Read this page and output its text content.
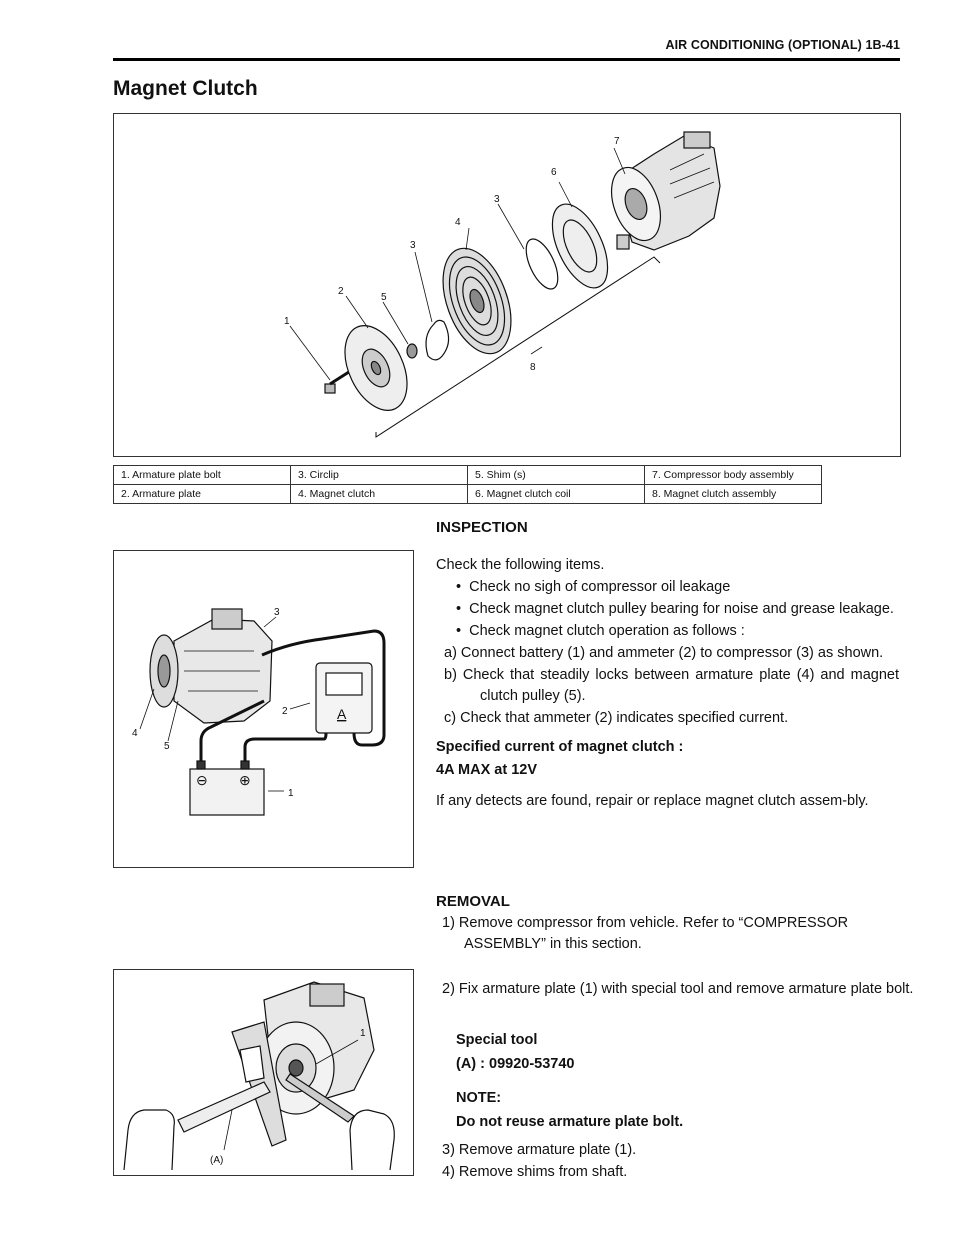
AIR CONDITIONING (OPTIONAL) 1B-41
Magnet Clutch
1
2
3
3
4
5
6
7
8
1. Armature plate bolt	3. Circlip	5. Shim (s)	7. Compressor body assembly
2. Armature plate	4. Magnet clutch	6. Magnet clutch coil	8. Magnet clutch assembly
1
2
3
4
5
A
⊖ ⊕
1
(A)
INSPECTION
Check the following items.
•  Check no sigh of compressor oil leakage
•  Check magnet clutch pulley bearing for noise and grease leakage.
•  Check magnet clutch operation as follows :
a) Connect battery (1) and ammeter (2) to compressor (3) as shown.
b) Check that steadily locks between armature plate (4) and magnet clutch pulley (5).
c) Check that ammeter (2) indicates specified current.
Specified current of magnet clutch :
4A MAX at 12V
If any detects are found, repair or replace magnet clutch assem-bly.
REMOVAL
1) Remove compressor from vehicle. Refer to “COMPRESSOR ASSEMBLY” in this section.
2) Fix armature plate (1) with special tool and remove armature plate bolt.
Special tool
(A) : 09920-53740
NOTE:
Do not reuse armature plate bolt.
3) Remove armature plate (1).
4) Remove shims from shaft.
